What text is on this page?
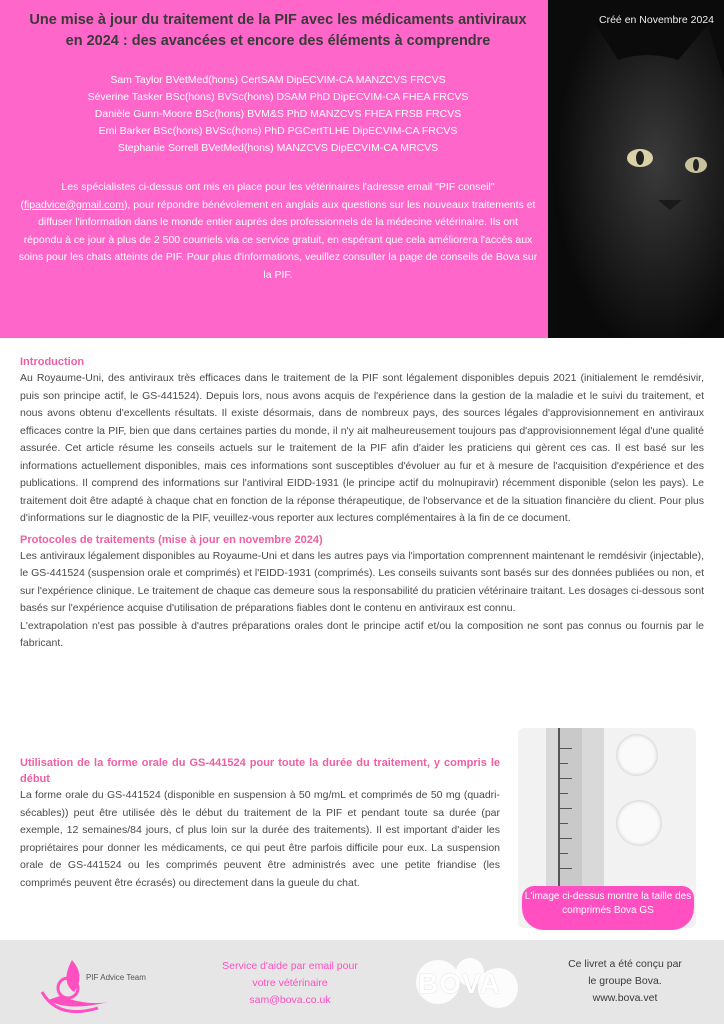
Une mise à jour du traitement de la PIF avec les médicaments antiviraux en 2024 : des avancées et encore des éléments à comprendre
Sam Taylor BVetMed(hons) CertSAM DipECVIM-CA MANZCVS FRCVS
Séverine Tasker BSc(hons) BVSc(hons) DSAM PhD DipECVIM-CA FHEA FRCVS
Danièle Gunn-Moore BSc(hons) BVM&S PhD MANZCVS FHEA FRSB FRCVS
Emi Barker BSc(hons) BVSc(hons) PhD PGCertTLHE DipECVIM-CA FRCVS
Stephanie Sorrell BVetMed(hons) MANZCVS DipECVIM-CA MRCVS
Les spécialistes ci-dessus ont mis en place pour les vétérinaires l'adresse email "PIF conseil" (fipadvice@gmail.com), pour répondre bénévolement en anglais aux questions sur les nouveaux traitements et diffuser l'information dans le monde entier auprès des professionnels de la médecine vétérinaire. Ils ont répondu à ce jour à plus de 2 500 courriels via ce service gratuit, en espérant que cela améliorera l'accès aux soins pour les chats atteints de PIF. Pour plus d'informations, veuillez consulter la page de conseils de Bova sur la PIF.
Créé en Novembre 2024
Introduction

Au Royaume-Uni, des antiviraux très efficaces dans le traitement de la PIF sont légalement disponibles depuis 2021 (initialement le remdésivir, puis son principe actif, le GS-441524). Depuis lors, nous avons acquis de l'expérience dans la gestion de la maladie et le suivi du traitement, et nous avons obtenu d'excellents résultats. Il existe désormais, dans de nombreux pays, des sources légales d'approvisionnement en antiviraux efficaces contre la PIF, bien que dans certaines parties du monde, il n'y ait malheureusement toujours pas d'approvisionnement légal d'une qualité assurée. Cet article résume les conseils actuels sur le traitement de la PIF afin d'aider les praticiens qui gèrent ces cas. Il est basé sur les informations actuellement disponibles, mais ces informations sont susceptibles d'évoluer au fur et à mesure de l'acquisition d'expérience et des publications. Il comprend des informations sur l'antiviral EIDD-1931 (le principe actif du molnupiravir) récemment disponible (selon les pays). Le traitement doit être adapté à chaque chat en fonction de la réponse thérapeutique, de l'observance et de la situation financière du client. Pour plus d'informations sur le diagnostic de la PIF, veuillez-vous reporter aux lectures complémentaires à la fin de ce document.

Protocoles de traitements (mise à jour en novembre 2024)

Les antiviraux légalement disponibles au Royaume-Uni et dans les autres pays via l'importation comprennent maintenant le remdésivir (injectable), le GS-441524 (suspension orale et comprimés) et l'EIDD-1931 (comprimés). Les conseils suivants sont basés sur des données publiées ou non, et sur l'expérience clinique. Le traitement de chaque cas demeure sous la responsabilité du praticien vétérinaire traitant. Les dosages ci-dessous sont basés sur l'expérience acquise d'utilisation de préparations fiables dont le contenu en antiviraux est connu.

L'extrapolation n'est pas possible à d'autres préparations orales dont le principe actif et/ou la composition ne sont pas connus ou fournis par le fabricant.

Utilisation de la forme orale du GS-441524 pour toute la durée du traitement, y compris le début

La forme orale du GS-441524 (disponible en suspension à 50 mg/mL et comprimés de 50 mg (quadri-sécables)) peut être utilisée dès le début du traitement de la PIF et pendant toute sa durée (par exemple, 12 semaines/84 jours, cf plus loin sur la durée des traitements). Il est important d'aider les propriétaires pour donner les médicaments, ce qui peut être parfois difficile pour eux. La suspension orale de GS-441524 ou les comprimés peuvent être administrés avec une petite friandise (les comprimés peuvent être écrasés) ou directement dans la gueule du chat.

L'image ci-dessus montre la taille des comprimés Bova GS
PIF Advice Team
Service d'aide par email pour
votre vétérinaire
sam@bova.co.uk
BOVA
Ce livret a été conçu par
le groupe Bova.
www.bova.vet
